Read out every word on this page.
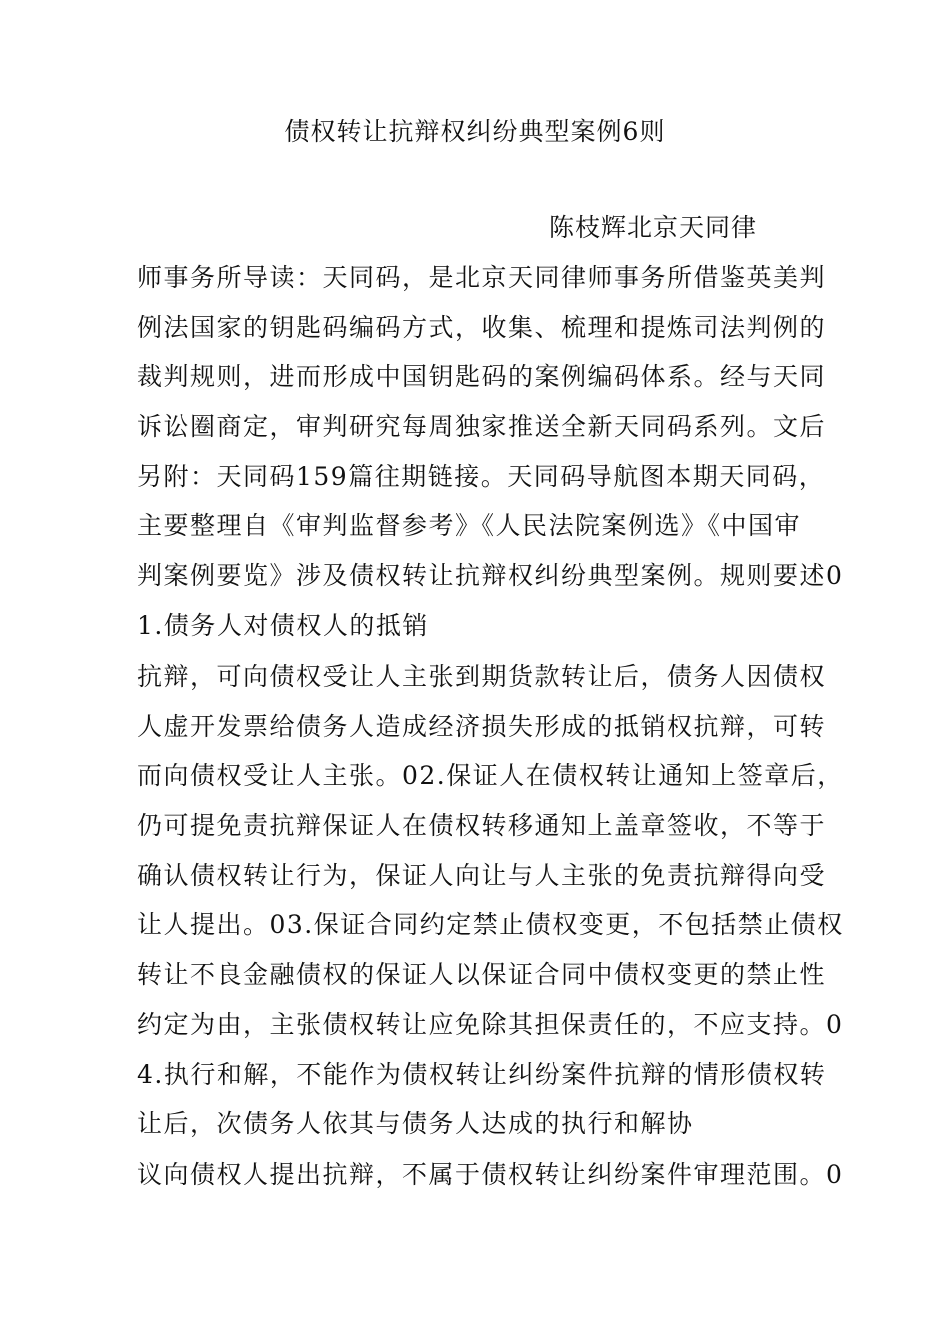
债权转让抗辩权纠纷典型案例6则
陈枝辉北京天同律
师事务所导读：天同码，是北京天同律师事务所借鉴英美判
例法国家的钥匙码编码方式，收集、梳理和提炼司法判例的
裁判规则，进而形成中国钥匙码的案例编码体系。经与天同
诉讼圈商定，审判研究每周独家推送全新天同码系列。文后
另附：天同码159篇往期链接。天同码导航图本期天同码，
主要整理自《审判监督参考》《人民法院案例选》《中国审
判案例要览》涉及债权转让抗辩权纠纷典型案例。规则要述0
1.债务人对债权人的抵销
抗辩，可向债权受让人主张到期货款转让后，债务人因债权
人虚开发票给债务人造成经济损失形成的抵销权抗辩，可转
而向债权受让人主张。02.保证人在债权转让通知上签章后，
仍可提免责抗辩保证人在债权转移通知上盖章签收，不等于
确认债权转让行为，保证人向让与人主张的免责抗辩得向受
让人提出。03.保证合同约定禁止债权变更，不包括禁止债权
转让不良金融债权的保证人以保证合同中债权变更的禁止性
约定为由，主张债权转让应免除其担保责任的，不应支持。0
4.执行和解，不能作为债权转让纠纷案件抗辩的情形债权转
让后，次债务人依其与债务人达成的执行和解协
议向债权人提出抗辩，不属于债权转让纠纷案件审理范围。0
